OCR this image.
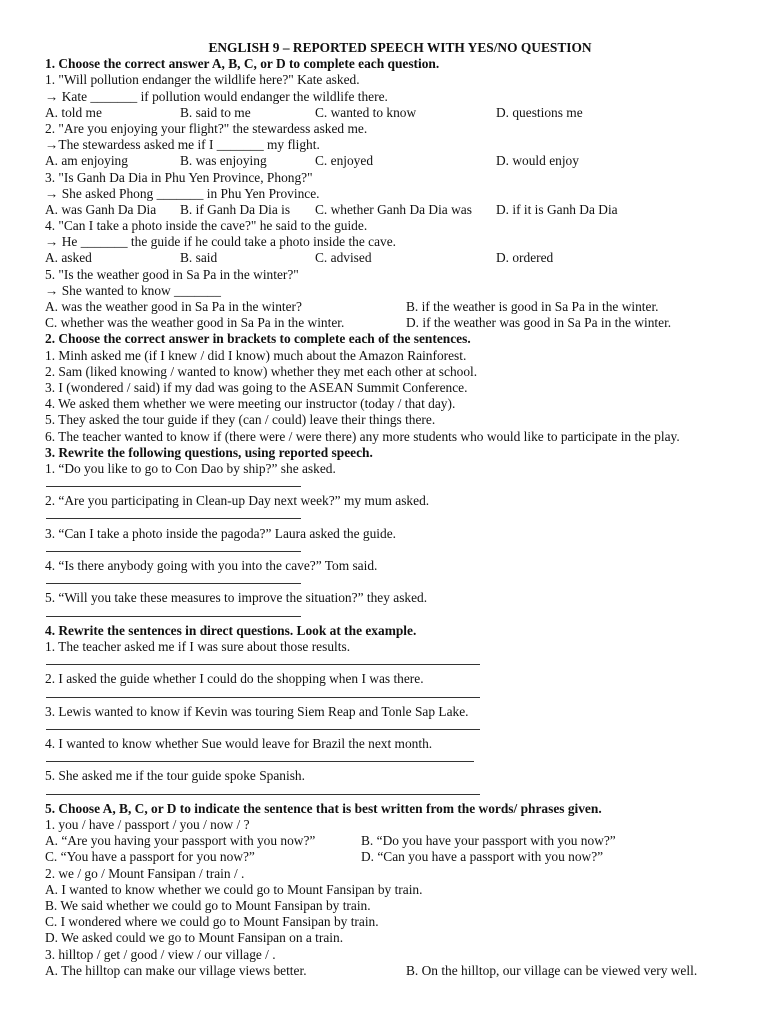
ENGLISH 9 – REPORTED SPEECH WITH YES/NO QUESTION
1. Choose the correct answer A, B, C, or D to complete each question.
1. "Will pollution endanger the wildlife here?" Kate asked.
→ Kate _______ if pollution would endanger the wildlife there.
A. told me	B. said to me	C. wanted to know	D. questions me
2. "Are you enjoying your flight?" the stewardess asked me.
→The stewardess asked me if I _______ my flight.
A. am enjoying	B. was enjoying	C. enjoyed	D. would enjoy
3. "Is Ganh Da Dia in Phu Yen Province, Phong?"
→ She asked Phong _______ in Phu Yen Province.
A. was Ganh Da Dia B. if Ganh Da Dia is C. whether Ganh Da Dia was D. if it is Ganh Da Dia
4. "Can I take a photo inside the cave?" he said to the guide.
→ He _______ the guide if he could take a photo inside the cave.
A. asked	B. said	C. advised	D. ordered
5. "Is the weather good in Sa Pa in the winter?"
→ She wanted to know _______
A. was the weather good in Sa Pa in the winter?	B. if the weather is good in Sa Pa in the winter.
C. whether was the weather good in Sa Pa in the winter.	D. if the weather was good in Sa Pa in the winter.
2. Choose the correct answer in brackets to complete each of the sentences.
1. Minh asked me (if I knew / did I know) much about the Amazon Rainforest.
2. Sam (liked knowing / wanted to know) whether they met each other at school.
3. I (wondered / said) if my dad was going to the ASEAN Summit Conference.
4. We asked them whether we were meeting our instructor (today / that day).
5. They asked the tour guide if they (can / could) leave their things there.
6. The teacher wanted to know if (there were / were there) any more students who would like to participate in the play.
3. Rewrite the following questions, using reported speech.
1. “Do you like to go to Con Dao by ship?” she asked.
2. “Are you participating in Clean-up Day next week?” my mum asked.
3. “Can I take a photo inside the pagoda?” Laura asked the guide.
4. “Is there anybody going with you into the cave?” Tom said.
5. “Will you take these measures to improve the situation?” they asked.
4. Rewrite the sentences in direct questions. Look at the example.
1. The teacher asked me if I was sure about those results.
2. I asked the guide whether I could do the shopping when I was there.
3. Lewis wanted to know if Kevin was touring Siem Reap and Tonle Sap Lake.
4. I wanted to know whether Sue would leave for Brazil the next month.
5. She asked me if the tour guide spoke Spanish.
5. Choose A, B, C, or D to indicate the sentence that is best written from the words/ phrases given.
1. you / have / passport / you / now / ?
A. “Are you having your passport with you now?”	B. “Do you have your passport with you now?”
C. “You have a passport for you now?”	D. “Can you have a passport with you now?”
2. we / go / Mount Fansipan / train / .
A. I wanted to know whether we could go to Mount Fansipan by train.
B. We said whether we could go to Mount Fansipan by train.
C. I wondered where we could go to Mount Fansipan by train.
D. We asked could we go to Mount Fansipan on a train.
3. hilltop / get / good / view / our village / .
A. The hilltop can make our village views better.	B. On the hilltop, our village can be viewed very well.
